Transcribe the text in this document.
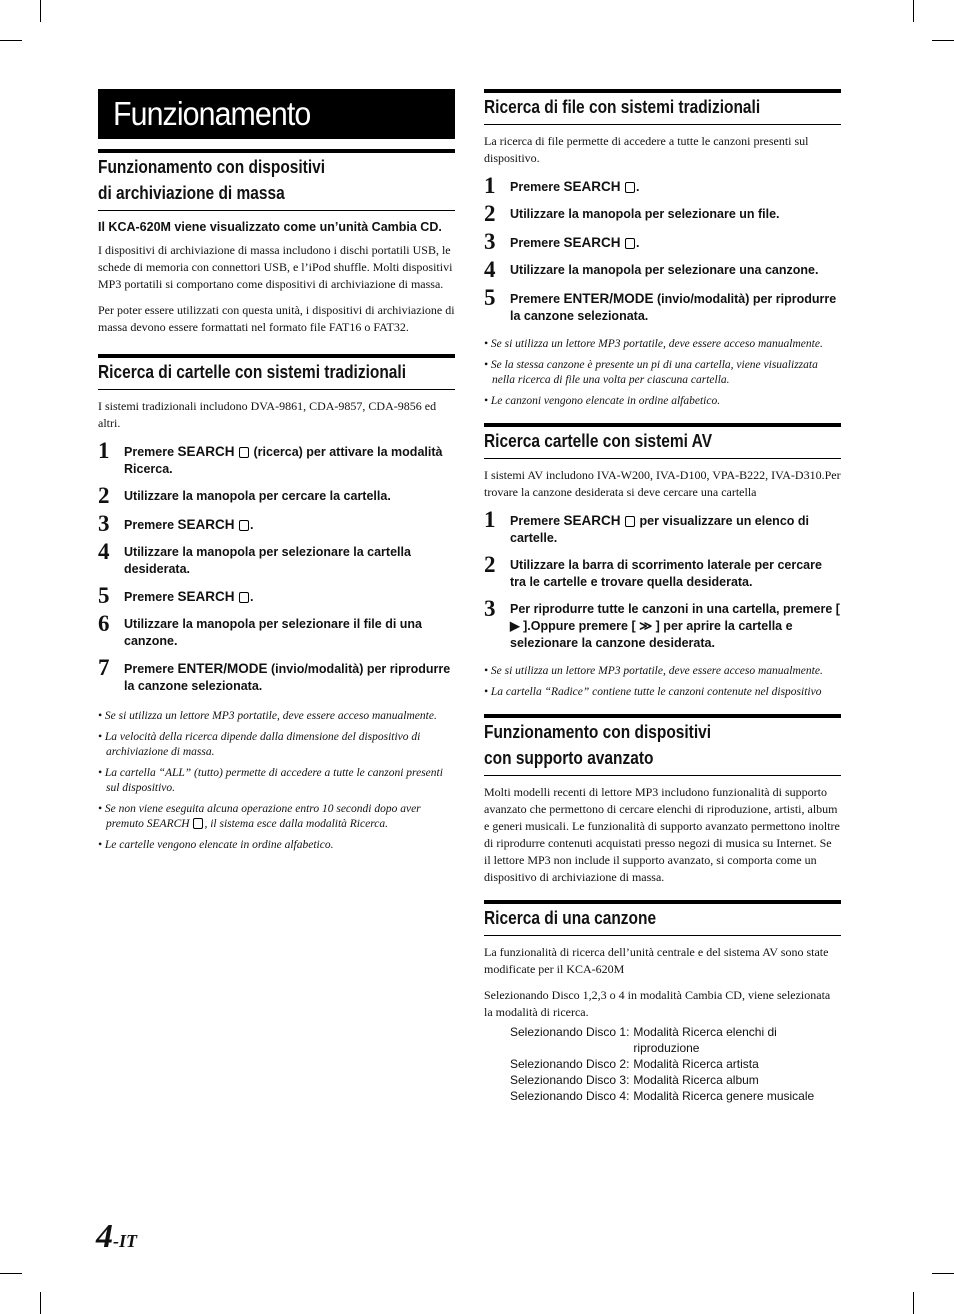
Funzionamento
Funzionamento con dispositivi
di archiviazione di massa
Il KCA-620M viene visualizzato come un’unità Cambia CD.
I dispositivi di archiviazione di massa includono i dischi portatili USB, le schede di memoria con connettori USB, e l’iPod shuffle. Molti dispositivi MP3 portatili si comportano come dispositivi di archiviazione di massa.
Per poter essere utilizzati con questa unità, i dispositivi di archiviazione di massa devono essere formattati nel formato file FAT16 o FAT32.
Ricerca di cartelle con sistemi tradizionali
I sistemi tradizionali includono DVA-9861, CDA-9857, CDA-9856 ed altri.
1	Premere SEARCH  (ricerca) per attivare la modalità Ricerca.
2	Utilizzare la manopola per cercare la cartella.
3	Premere SEARCH .
4	Utilizzare la manopola per selezionare la cartella desiderata.
5	Premere SEARCH .
6	Utilizzare la manopola per selezionare il file di una canzone.
7	Premere ENTER/MODE (invio/modalità) per riprodurre la canzone selezionata.
• Se si utilizza un lettore MP3 portatile, deve essere acceso manualmente.
• La velocità della ricerca dipende dalla dimensione del dispositivo di archiviazione di massa.
• La cartella “ALL” (tutto) permette di accedere a tutte le canzoni presenti sul dispositivo.
• Se non viene eseguita alcuna operazione entro 10 secondi dopo aver premuto SEARCH , il sistema esce dalla modalità Ricerca.
• Le cartelle vengono elencate in ordine alfabetico.
Ricerca di file con sistemi tradizionali
La ricerca di file permette di accedere a tutte le canzoni presenti sul dispositivo.
1	Premere SEARCH .
2	Utilizzare la manopola per selezionare un file.
3	Premere SEARCH .
4	Utilizzare la manopola per selezionare una canzone.
5	Premere ENTER/MODE (invio/modalità) per riprodurre la canzone selezionata.
• Se si utilizza un lettore MP3 portatile, deve essere acceso manualmente.
• Se la stessa canzone è presente un pi di una cartella, viene visualizzata nella ricerca di file una volta per ciascuna cartella.
• Le canzoni vengono elencate in ordine alfabetico.
Ricerca cartelle con sistemi AV
I sistemi AV includono IVA-W200, IVA-D100, VPA-B222, IVA-D310.Per trovare la canzone desiderata si deve cercare una cartella
1	Premere SEARCH  per visualizzare un elenco di cartelle.
2	Utilizzare la barra di scorrimento laterale per cercare tra le cartelle e trovare quella desiderata.
3	Per riprodurre tutte le canzoni in una cartella, premere [ ▶ ].Oppure premere [ ≫ ] per aprire la cartella e selezionare la canzone desiderata.
• Se si utilizza un lettore MP3 portatile, deve essere acceso manualmente.
• La cartella “Radice” contiene tutte le canzoni contenute nel dispositivo
Funzionamento con dispositivi
con supporto avanzato
Molti modelli recenti di lettore MP3 includono funzionalità di supporto avanzato che permettono di cercare elenchi di riproduzione, artisti, album e generi musicali. Le funzionalità di supporto avanzato permettono inoltre di riprodurre contenuti acquistati presso negozi di musica su Internet. Se il lettore MP3 non include il supporto avanzato, si comporta come un dispositivo di archiviazione di massa.
Ricerca di una canzone
La funzionalità di ricerca dell’unità centrale e del sistema AV sono state modificate per il KCA-620M
Selezionando Disco 1,2,3 o 4 in modalità Cambia CD, viene selezionata la modalità di ricerca.
Selezionando Disco 1: Modalità Ricerca elenchi di riproduzione
Selezionando Disco 2: Modalità Ricerca artista
Selezionando Disco 3: Modalità Ricerca album
Selezionando Disco 4: Modalità Ricerca genere musicale
4-IT
